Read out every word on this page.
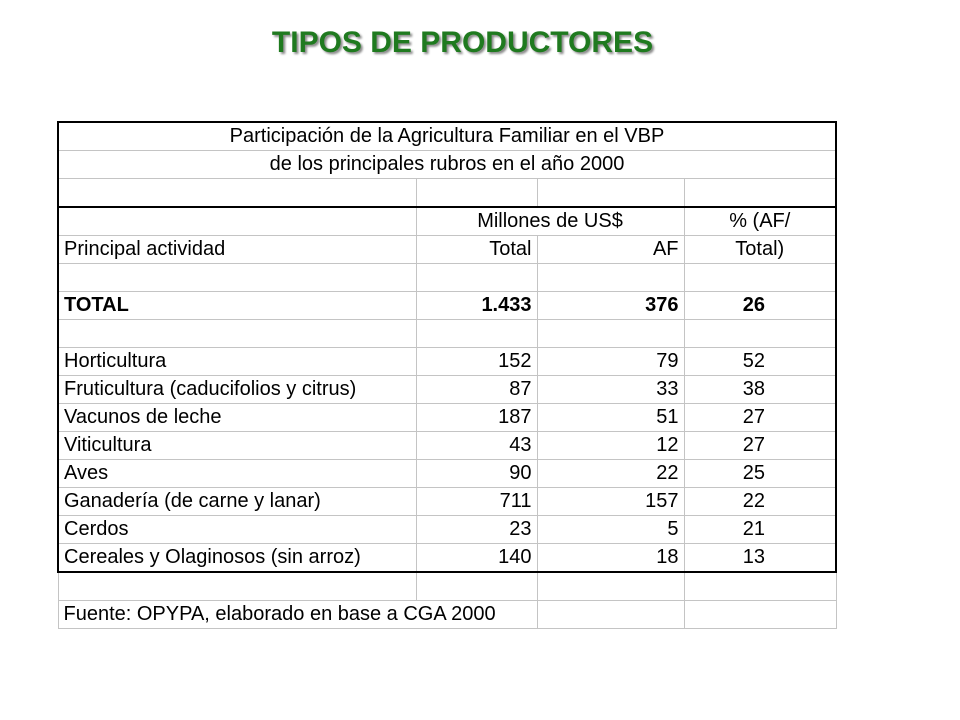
TIPOS DE PRODUCTORES
Participación de la Agricultura Familiar en el VBP			
de los principales rubros en el año 2000			

	Millones de US$		% (AF/
Principal actividad	Total	AF	Total)

TOTAL	1.433	376	26

Horticultura	152	79	52
Fruticultura (caducifolios y citrus)	87	33	38
Vacunos de leche	187	51	27
Viticultura	43	12	27
Aves	90	22	25
Ganadería (de carne y lanar)	711	157	22
Cerdos	23	5	21
Cereales y Olaginosos (sin arroz)	140	18	13

Fuente: OPYPA, elaborado en base a CGA 2000			
